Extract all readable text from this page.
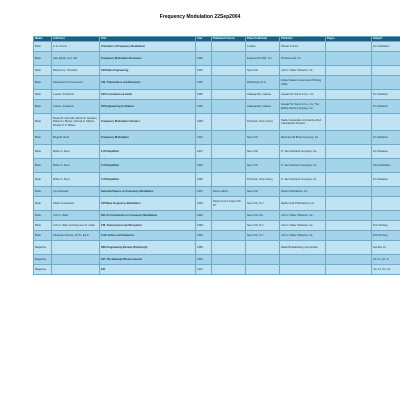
Frequency Modulation 22Sep2004
Media	Author(s)	Title	Year	Published Source	Place Published	Publisher	Pages	Subject
Book	A. E. Koons	Principles of Frequency Modulation			London	Pitman & Sons		Frm Radiation
Book	Hall, Edwin, Gen. Ed.	Frequency Modulation Receivers	1948		Englewood Cliffs, N.J.	Prentice-Hall, Inc.		
Book	Blackmore, Theodore	FM Radio Engineering	1946		New York	John F. Rider Publisher, Inc.		
Book	Department of Commerce	F.M. Transmitters and Receivers	1952		Washington D.C.	United States Government Printing Office		
Book	Lowers, Frederick	FM for Amateurs & Audio	1955		Indianapolis, Indiana	Howard W. Sams & Co., Inc.		Frm Relation
Book	Lowers, Frederick	FM Engineering for Radars	1956		Indianapolis, Indiana	Howard W. Sams & Co., Inc. The Bobbs-Merrill Company, Inc.		Frm Relation
Book	Moses B. Sehusler, Edwin E. Sanders, Robert H. Brown, Normal D. Stiltner, Wesley P. F. Wilson	Frequency Modulation Volume I	1948		Princeton, New Jersey	Radio Corporation of America RCA Laboratories Division		
Book	Bogarth Hund	Frequency Modulation	1942		New York	McGraw-Hill Book Company, Inc.		Frm Relation
Book	Milton S. Kiver	F-M Simplified	1947		New York	D. Van Nostrand Company, Inc.		Frm Relation
Book	Milton S. Kiver	F-M Simplified	1951		New York	D. Van Nostrand Company, Inc.		Second Edition
Book	Milton S. Kiver	F-M Simplified	1960		Princeton, New Jersey	D. Van Nostrand Company, Inc.		Frm Relation
Book	Lynd Hargian	Selected Papers on Frequency Modulation	1970	Dover edition	New York	Dover Publications, Inc.		
Book	Radio Consultants	FM Wave Frequency Modulation	1952	Radio Comm Assoc Sch. NY	New York, N.Y.	Radio-Craft Publications, Inc.		
Book	John F. Rider	FM: An Introduction to Frequency Modulation	1940		New York City	John F. Rider Publisher, Inc.		
Book	John F. Rider and Seymour D. Uslan	F.M. Transmission and Reception	1948		New York, N.Y.	John F. Rider Publisher, Inc.		First Printing
Book	Alexander Schure, Ph.D., Ed.D.	F-M Limiters and Detectors	1960		New York, N.Y.	John F. Rider Publisher, Inc.		First Printing
Magazine		RBC Engineering Review (Pittsburgh)	1956			Radio Broadcasting Corporation		Number 10
Magazine		FM: The National FM and Journal	1941					Vol. 11, No. 9
Magazine		FM	1941					Vol. 12, No. 10
